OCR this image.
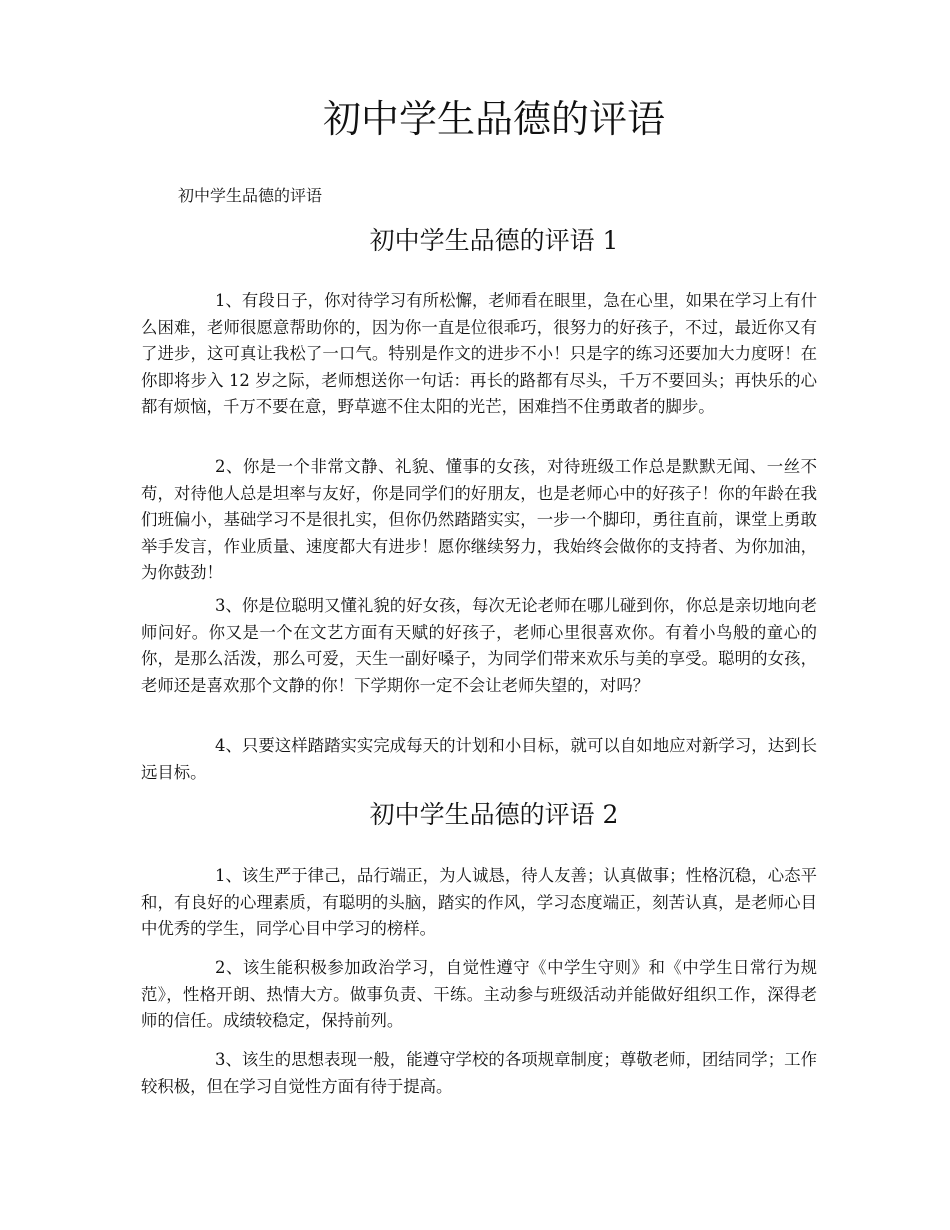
初中学生品德的评语

初中学生品德的评语

初中学生品德的评语 1

1、有段日子，你对待学习有所松懈，老师看在眼里，急在心里，如果在学习上有什么困难，老师很愿意帮助你的，因为你一直是位很乖巧，很努力的好孩子，不过，最近你又有了进步，这可真让我松了一口气。特别是作文的进步不小！只是字的练习还要加大力度呀！在你即将步入 12 岁之际，老师想送你一句话：再长的路都有尽头，千万不要回头；再快乐的心都有烦恼，千万不要在意，野草遮不住太阳的光芒，困难挡不住勇敢者的脚步。

2、你是一个非常文静、礼貌、懂事的女孩，对待班级工作总是默默无闻、一丝不苟，对待他人总是坦率与友好，你是同学们的好朋友，也是老师心中的好孩子！你的年龄在我们班偏小，基础学习不是很扎实，但你仍然踏踏实实，一步一个脚印，勇往直前，课堂上勇敢举手发言，作业质量、速度都大有进步！愿你继续努力，我始终会做你的支持者、为你加油，为你鼓劲！

3、你是位聪明又懂礼貌的好女孩，每次无论老师在哪儿碰到你，你总是亲切地向老师问好。你又是一个在文艺方面有天赋的好孩子，老师心里很喜欢你。有着小鸟般的童心的你，是那么活泼，那么可爱，天生一副好嗓子，为同学们带来欢乐与美的享受。聪明的女孩，老师还是喜欢那个文静的你！下学期你一定不会让老师失望的，对吗？

4、只要这样踏踏实实完成每天的计划和小目标，就可以自如地应对新学习，达到长远目标。

初中学生品德的评语 2

1、该生严于律己，品行端正，为人诚恳，待人友善；认真做事；性格沉稳，心态平和，有良好的心理素质，有聪明的头脑，踏实的作风，学习态度端正，刻苦认真，是老师心目中优秀的学生，同学心目中学习的榜样。

2、该生能积极参加政治学习，自觉性遵守《中学生守则》和《中学生日常行为规范》，性格开朗、热情大方。做事负责、干练。主动参与班级活动并能做好组织工作，深得老师的信任。成绩较稳定，保持前列。

3、该生的思想表现一般，能遵守学校的各项规章制度；尊敬老师，团结同学；工作较积极，但在学习自觉性方面有待于提高。
